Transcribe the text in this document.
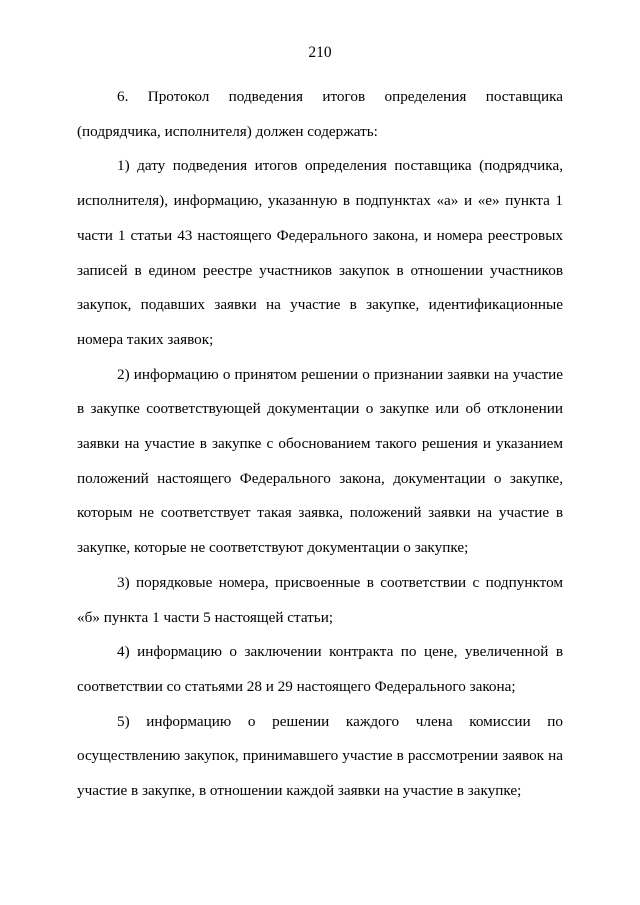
210

6. Протокол подведения итогов определения поставщика (подрядчика, исполнителя) должен содержать:

1) дату подведения итогов определения поставщика (подрядчика, исполнителя), информацию, указанную в подпунктах «а» и «е» пункта 1 части 1 статьи 43 настоящего Федерального закона, и номера реестровых записей в едином реестре участников закупок в отношении участников закупок, подавших заявки на участие в закупке, идентификационные номера таких заявок;

2) информацию о принятом решении о признании заявки на участие в закупке соответствующей документации о закупке или об отклонении заявки на участие в закупке с обоснованием такого решения и указанием положений настоящего Федерального закона, документации о закупке, которым не соответствует такая заявка, положений заявки на участие в закупке, которые не соответствуют документации о закупке;

3) порядковые номера, присвоенные в соответствии с подпунктом «б» пункта 1 части 5 настоящей статьи;

4) информацию о заключении контракта по цене, увеличенной в соответствии со статьями 28 и 29 настоящего Федерального закона;

5) информацию о решении каждого члена комиссии по осуществлению закупок, принимавшего участие в рассмотрении заявок на участие в закупке, в отношении каждой заявки на участие в закупке;
